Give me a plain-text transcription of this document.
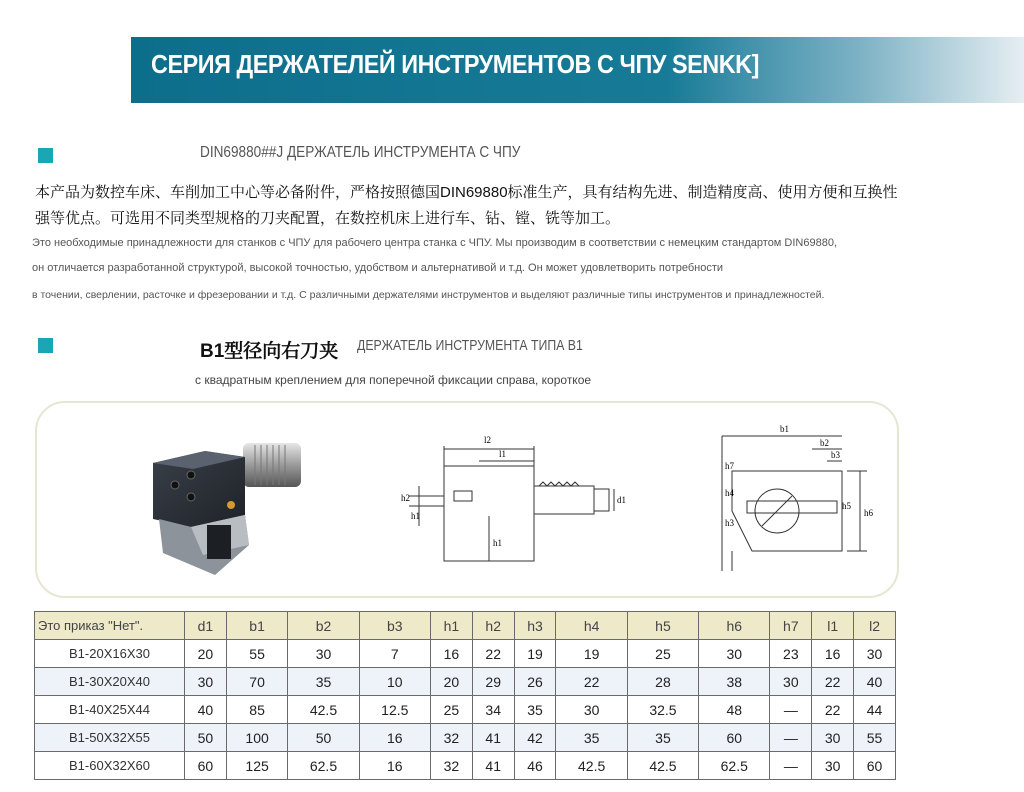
СЕРИЯ ДЕРЖАТЕЛЕЙ ИНСТРУМЕНТОВ С ЧПУ SENKK]
DIN69880##J ДЕРЖАТЕЛЬ ИНСТРУМЕНТА С ЧПУ
本产品为数控车床、车削加工中心等必备附件，严格按照德国DIN69880标准生产，具有结构先进、制造精度高、使用方便和互换性强等优点。可选用不同类型规格的刀夹配置，在数控机床上进行车、钻、镗、铣等加工。
Это необходимые принадлежности для станков с ЧПУ для рабочего центра станка с ЧПУ. Мы производим в соответствии с немецким стандартом DIN69880,
он отличается разработанной структурой, высокой точностью, удобством и альтернативой и т.д. Он может удовлетворить потребности
в точении, сверлении, расточке и фрезеровании и т.д. С различными держателями инструментов и выделяют различные типы инструментов и принадлежностей.
B1型径向右刀夹 ДЕРЖАТЕЛЬ ИНСТРУМЕНТА ТИПА B1
с квадратным креплением для поперечной фиксации справа, короткое
l2
l1
h2
h1
h1
d1
b1
b2
b3
h4
h3
h7
h5
h6
Это приказ "Нет".	d1	b1	b2	b3	h1	h2	h3	h4	h5	h6	h7	l1	l2
B1-20X16X30	20	55	30	7	16	22	19	19	25	30	23	16	30
B1-30X20X40	30	70	35	10	20	29	26	22	28	38	30	22	40
B1-40X25X44	40	85	42.5	12.5	25	34	35	30	32.5	48	—	22	44
B1-50X32X55	50	100	50	16	32	41	42	35	35	60	—	30	55
B1-60X32X60	60	125	62.5	16	32	41	46	42.5	42.5	62.5	—	30	60
